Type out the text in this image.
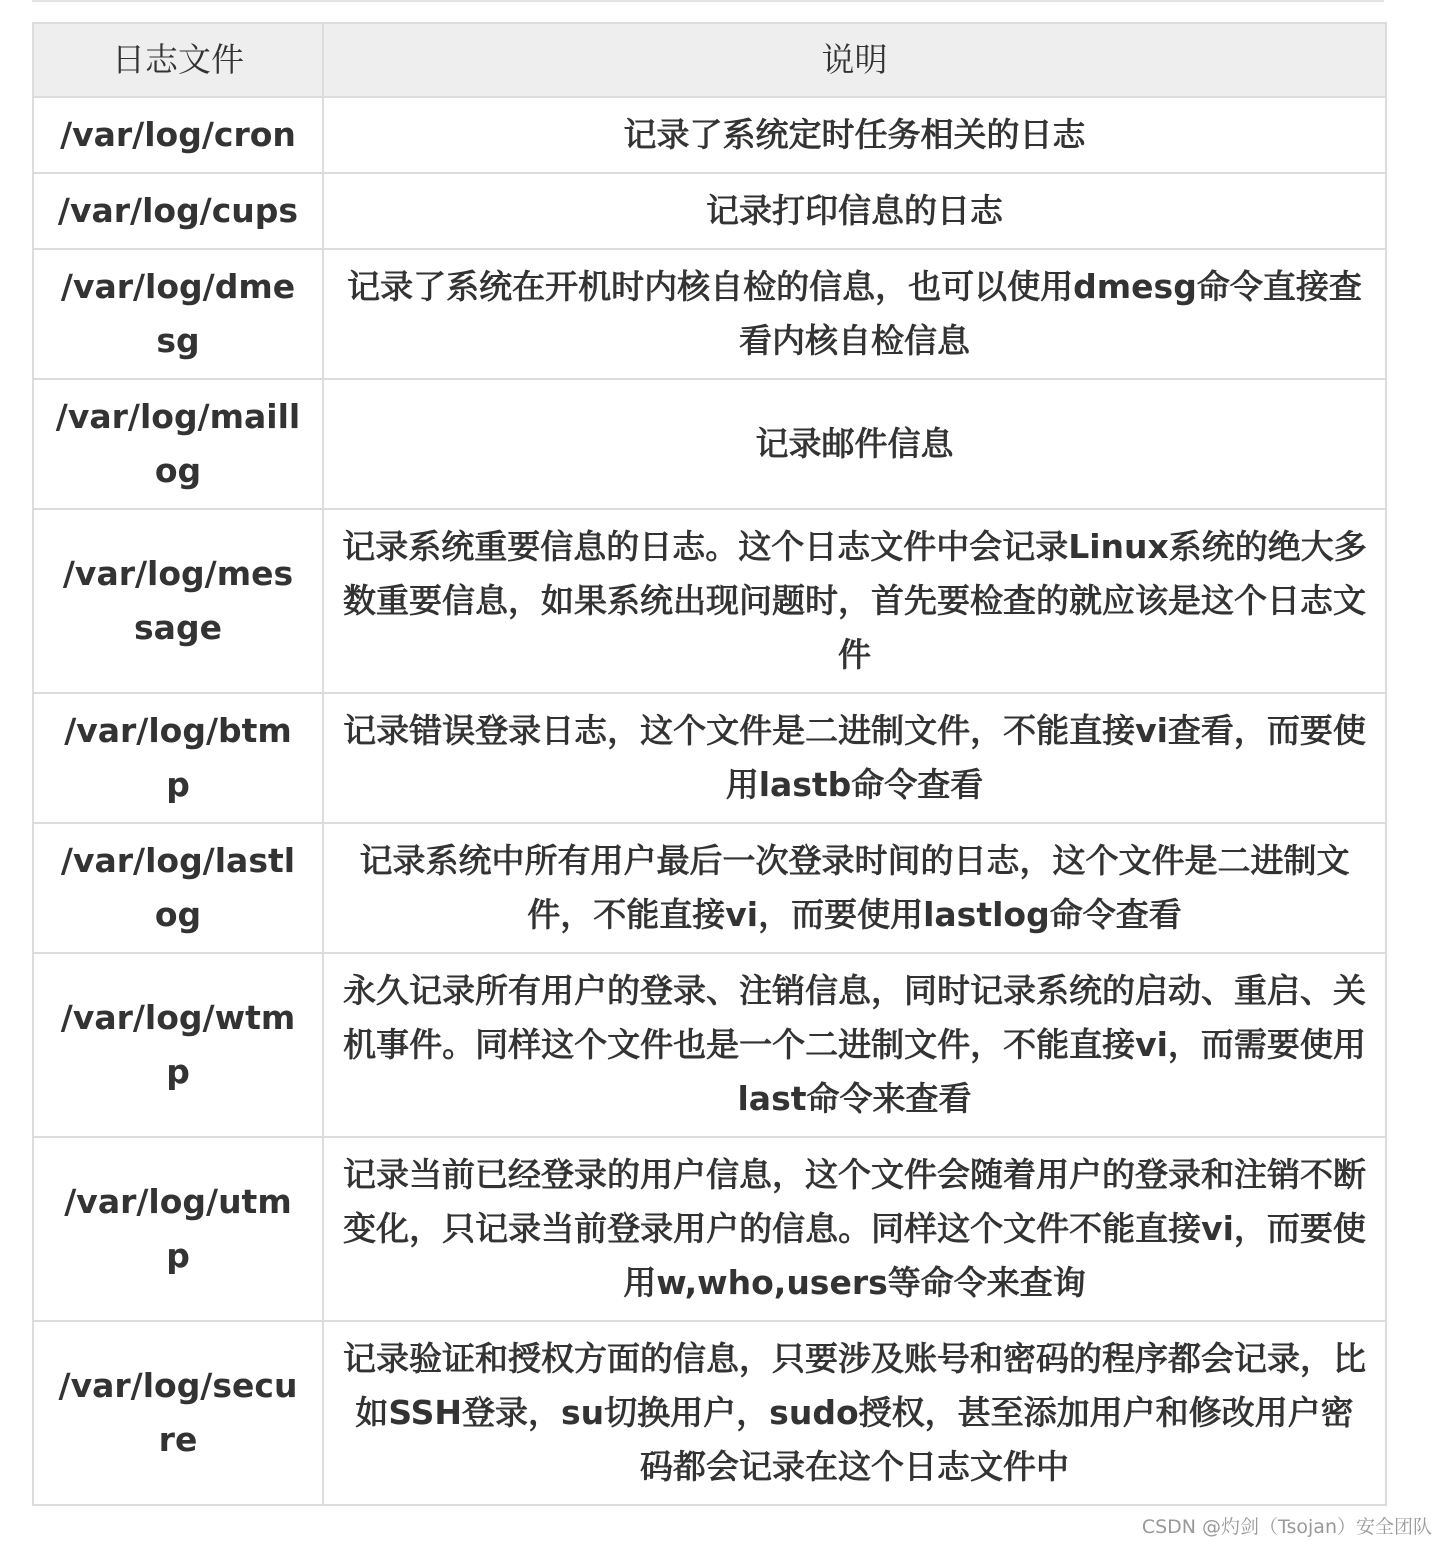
日志文件	说明
/var/log/cron	记录了系统定时任务相关的日志
/var/log/cups	记录打印信息的日志
/var/log/dmesg	记录了系统在开机时内核自检的信息，也可以使用dmesg命令直接查看内核自检信息
/var/log/maillog	记录邮件信息
/var/log/message	记录系统重要信息的日志。这个日志文件中会记录Linux系统的绝大多数重要信息，如果系统出现问题时，首先要检查的就应该是这个日志文件
/var/log/btmp	记录错误登录日志，这个文件是二进制文件，不能直接vi查看，而要使用lastb命令查看
/var/log/lastlog	记录系统中所有用户最后一次登录时间的日志，这个文件是二进制文件，不能直接vi，而要使用lastlog命令查看
/var/log/wtmp	永久记录所有用户的登录、注销信息，同时记录系统的启动、重启、关机事件。同样这个文件也是一个二进制文件，不能直接vi，而需要使用last命令来查看
/var/log/utmp	记录当前已经登录的用户信息，这个文件会随着用户的登录和注销不断变化，只记录当前登录用户的信息。同样这个文件不能直接vi，而要使用w,who,users等命令来查询
/var/log/secure	记录验证和授权方面的信息，只要涉及账号和密码的程序都会记录，比如SSH登录，su切换用户，sudo授权，甚至添加用户和修改用户密码都会记录在这个日志文件中
CSDN @灼剑（Tsojan）安全团队
